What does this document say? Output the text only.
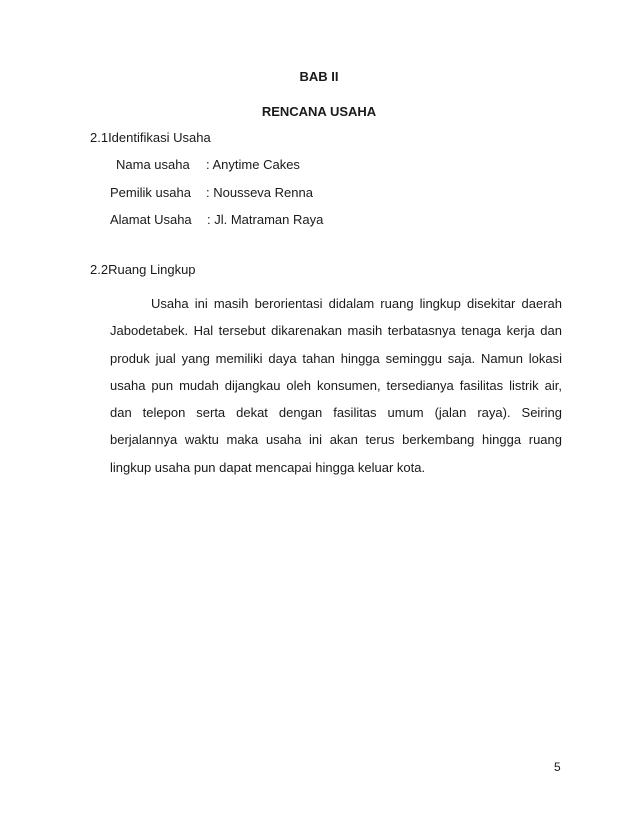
BAB II
RENCANA USAHA
2.1Identifikasi Usaha
Nama usaha : Anytime Cakes
Pemilik usaha : Nousseva Renna
Alamat Usaha : Jl. Matraman Raya
2.2Ruang Lingkup
Usaha ini masih berorientasi didalam ruang lingkup disekitar daerah
Jabodetabek. Hal tersebut dikarenakan masih terbatasnya tenaga kerja dan
produk jual yang memiliki daya tahan hingga seminggu saja. Namun lokasi
usaha pun mudah dijangkau oleh konsumen, tersedianya fasilitas listrik air,
dan telepon serta dekat dengan fasilitas umum (jalan raya). Seiring
berjalannya waktu maka usaha ini akan terus berkembang hingga ruang
lingkup usaha pun dapat mencapai hingga keluar kota.
5
